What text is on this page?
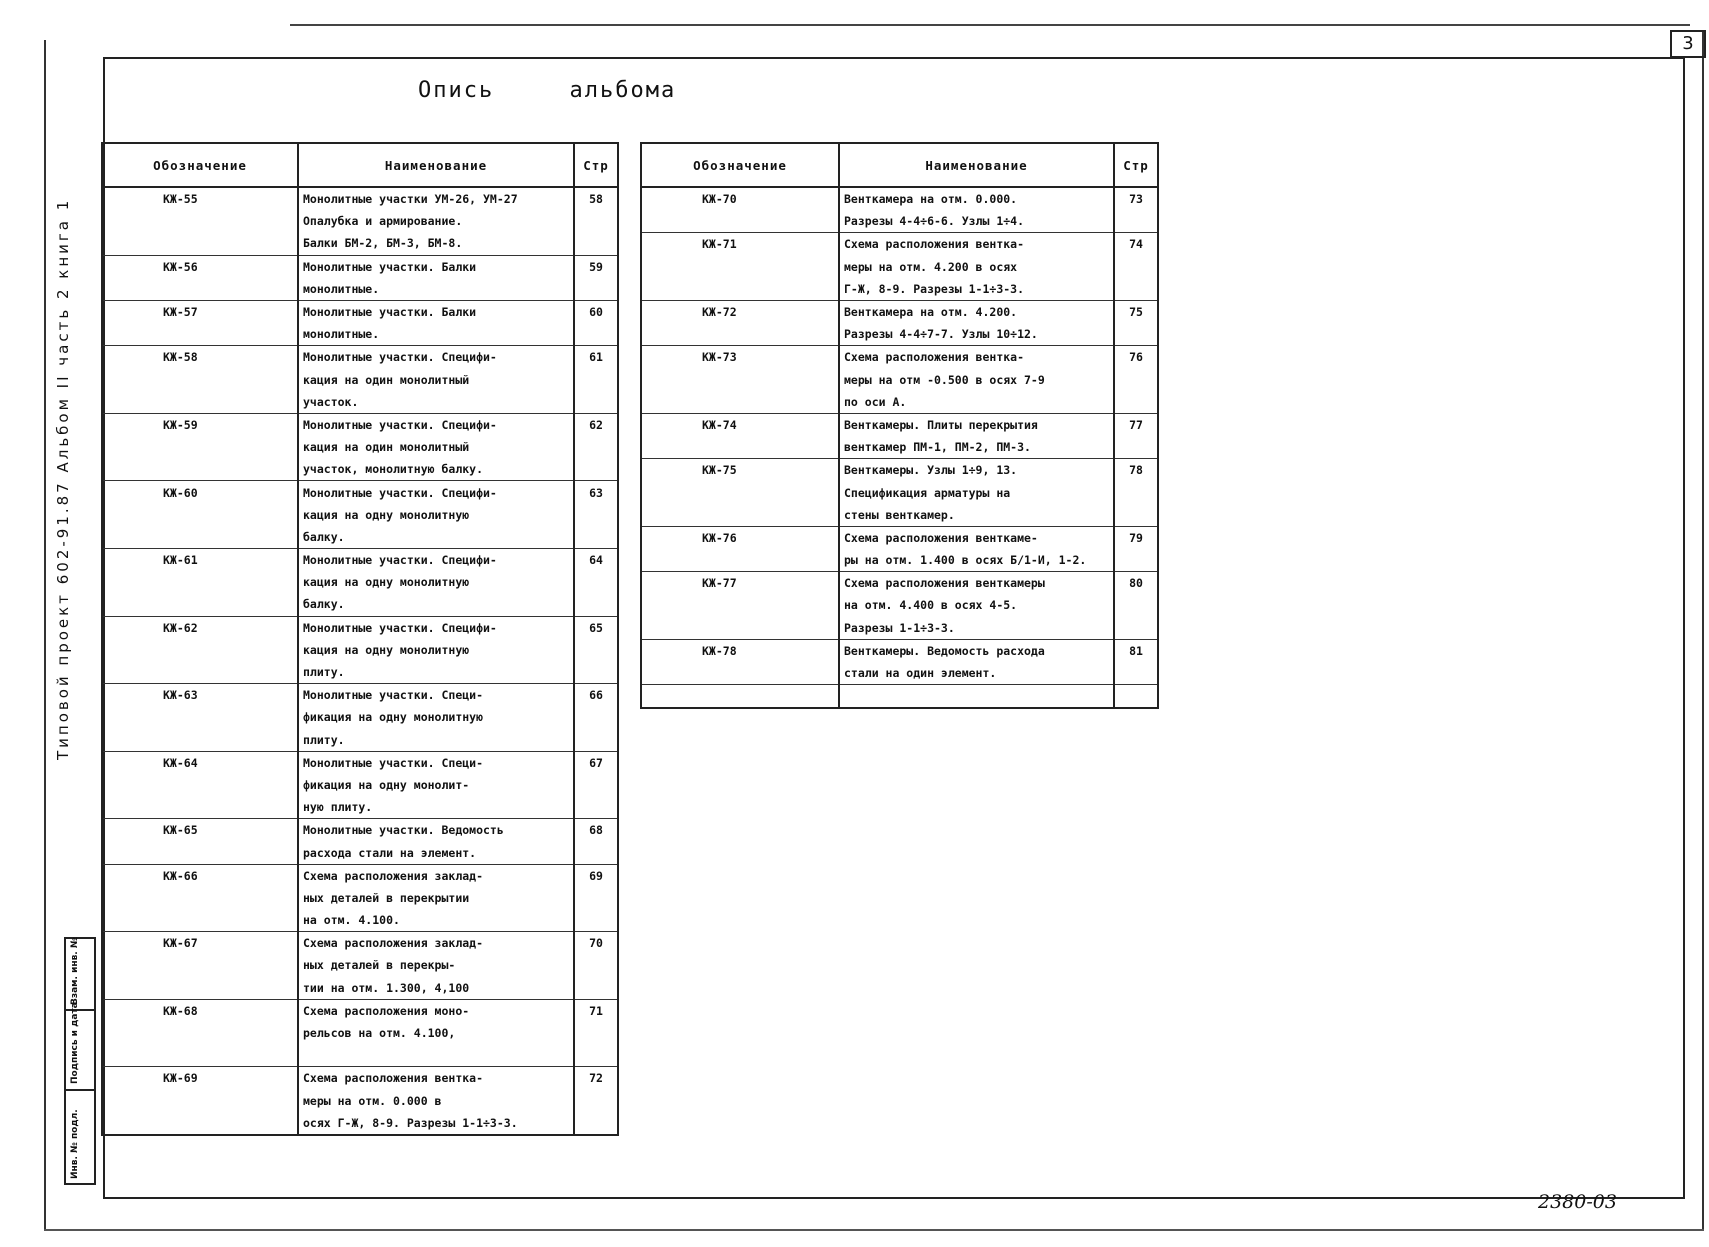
3
Опись	альбома
Типовой проект 602-91.87 Альбом II часть 2 книга 1
Инв. № подл.
Подпись и дата
Взам. инв. №
Обозначение	Наименование	Стр
КЖ-55	Монолитные участки УМ-26, УМ-27	58
	Опалубка и армирование.	
	Балки БМ-2, БМ-3, БМ-8.	
КЖ-56	Монолитные участки. Балки	59
	монолитные.	
КЖ-57	Монолитные участки. Балки	60
	монолитные.	
КЖ-58	Монолитные участки. Специфи-	61
	кация на один монолитный	
	участок.	
КЖ-59	Монолитные участки. Специфи-	62
	кация на один монолитный	
	участок, монолитную балку.	
КЖ-60	Монолитные участки. Специфи-	63
	кация на одну монолитную	
	балку.	
КЖ-61	Монолитные участки. Специфи-	64
	кация на одну монолитную	
	балку.	
КЖ-62	Монолитные участки. Специфи-	65
	кация на одну монолитную	
	плиту.	
КЖ-63	Монолитные участки. Специ-	66
	фикация на одну монолитную	
	плиту.	
КЖ-64	Монолитные участки. Специ-	67
	фикация на одну монолит-	
	ную плиту.	
КЖ-65	Монолитные участки. Ведомость	68
	расхода стали на элемент.	
КЖ-66	Схема расположения заклад-	69
	ных деталей в перекрытии	
	на отм. 4.100.	
КЖ-67	Схема расположения заклад-	70
	ных деталей в перекры-	
	тии на отм. 1.300, 4,100	
КЖ-68	Схема расположения моно-	71
	рельсов на отм. 4.100,	

КЖ-69	Схема расположения вентка-	72
	меры на отм. 0.000 в	
	осях Г-Ж, 8-9. Разрезы 1-1÷3-3.	
Обозначение	Наименование	Стр
КЖ-70	Венткамера на отм. 0.000.	73
	Разрезы 4-4÷6-6. Узлы 1÷4.	
КЖ-71	Схема расположения вентка-	74
	меры на отм. 4.200 в осях	
	Г-Ж, 8-9. Разрезы 1-1÷3-3.	
КЖ-72	Венткамера на отм. 4.200.	75
	Разрезы 4-4÷7-7. Узлы 10÷12.	
КЖ-73	Схема расположения вентка-	76
	меры на отм -0.500 в осях 7-9	
	по оси А.	
КЖ-74	Венткамеры. Плиты перекрытия	77
	венткамер ПМ-1, ПМ-2, ПМ-3.	
КЖ-75	Венткамеры. Узлы 1÷9, 13.	78
	Спецификация арматуры на	
	стены венткамер.	
КЖ-76	Схема расположения венткаме-	79
	ры на отм. 1.400 в осях Б/1-И, 1-2.	
КЖ-77	Схема расположения венткамеры	80
	на отм. 4.400 в осях 4-5.	
	Разрезы 1-1÷3-3.	
КЖ-78	Венткамеры. Ведомость расхода	81
	стали на один элемент.	

2380-03
